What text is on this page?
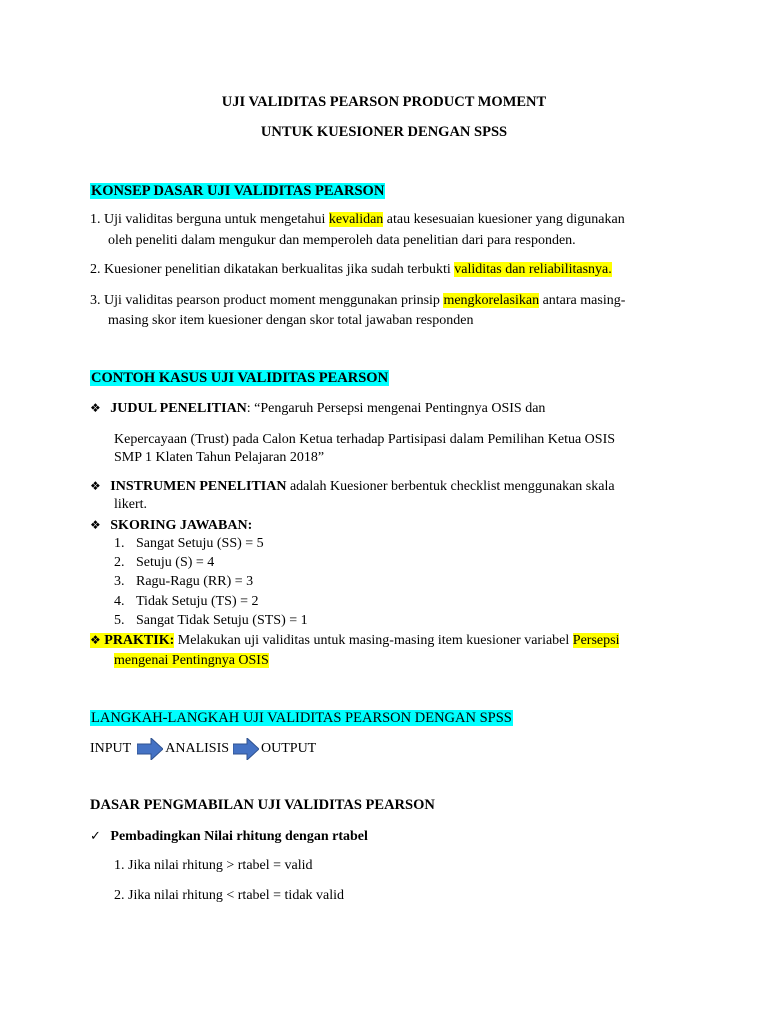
UJI VALIDITAS PEARSON PRODUCT MOMENT
UNTUK KUESIONER DENGAN SPSS
KONSEP DASAR UJI VALIDITAS PEARSON
1. Uji validitas berguna untuk mengetahui kevalidan atau kesesuaian kuesioner yang digunakan
oleh peneliti dalam mengukur dan memperoleh data penelitian dari para responden.
2. Kuesioner penelitian dikatakan berkualitas jika sudah terbukti validitas dan reliabilitasnya.
3. Uji validitas pearson product moment menggunakan prinsip mengkorelasikan antara masing-
masing skor item kuesioner dengan skor total jawaban responden
CONTOH KASUS UJI VALIDITAS PEARSON
❖ JUDUL PENELITIAN: “Pengaruh Persepsi mengenai Pentingnya OSIS dan
Kepercayaan (Trust) pada Calon Ketua terhadap Partisipasi dalam Pemilihan Ketua OSIS
SMP 1 Klaten Tahun Pelajaran 2018”
❖ INSTRUMEN PENELITIAN adalah Kuesioner berbentuk checklist menggunakan skala
likert.
❖ SKORING JAWABAN:
1. Sangat Setuju (SS) = 5
2. Setuju (S) = 4
3. Ragu-Ragu (RR) = 3
4. Tidak Setuju (TS) = 2
5. Sangat Tidak Setuju (STS) = 1
❖ PRAKTIK: Melakukan uji validitas untuk masing-masing item kuesioner variabel Persepsi
mengenai Pentingnya OSIS
LANGKAH-LANGKAH UJI VALIDITAS PEARSON DENGAN SPSS
INPUT ANALISIS OUTPUT
DASAR PENGMABILAN UJI VALIDITAS PEARSON
✓ Pembadingkan Nilai rhitung dengan rtabel
1. Jika nilai rhitung > rtabel = valid
2. Jika nilai rhitung < rtabel = tidak valid
